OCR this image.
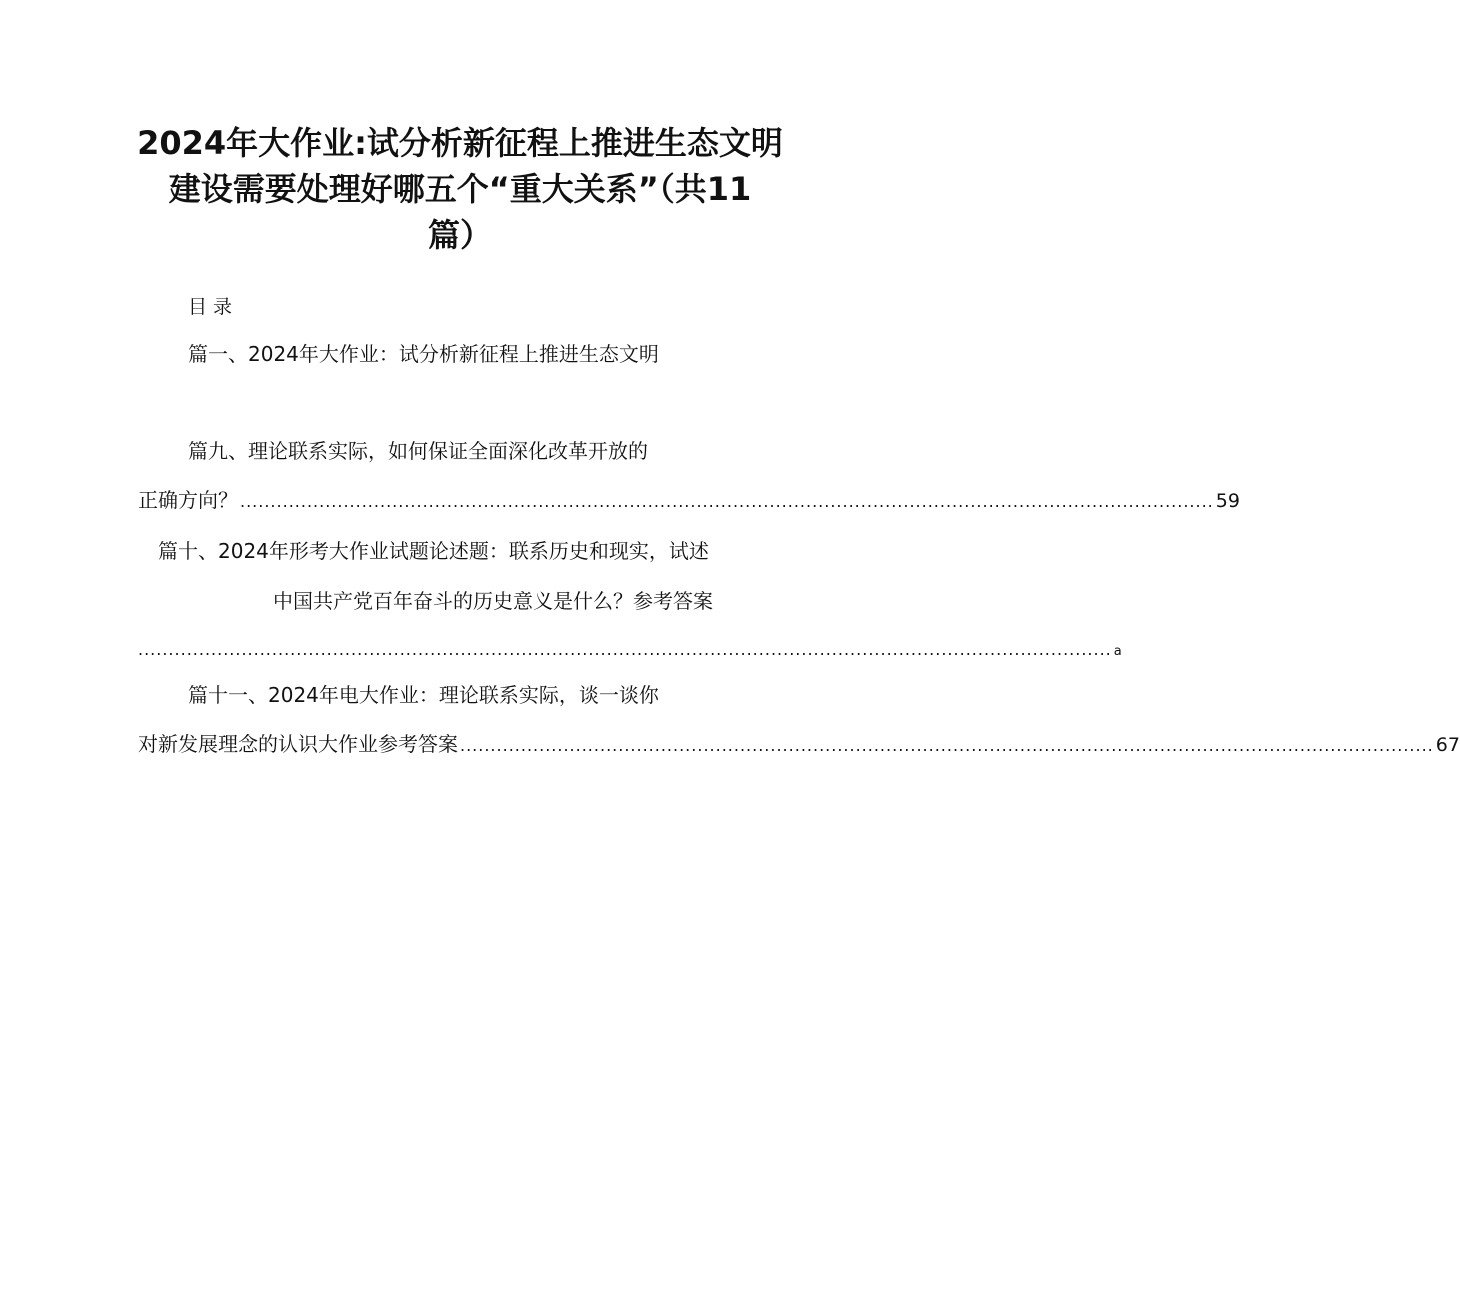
2024年大作业:试分析新征程上推进生态文明
建设需要处理好哪五个“重大关系”（共11
篇）
目录
篇一、2024年大作业：试分析新征程上推进生态文明
篇九、理论联系实际，如何保证全面深化改革开放的
正确方向？ ................................................................................................................................................................ 59
篇十、2024年形考大作业试题论述题：联系历史和现实，试述
中国共产党百年奋斗的历史意义是什么？参考答案
................................................................................................................................................................ a
篇十一、2024年电大作业：理论联系实际，谈一谈你
对新发展理念的认识大作业参考答案 ................................................................................................................................................................ 67
